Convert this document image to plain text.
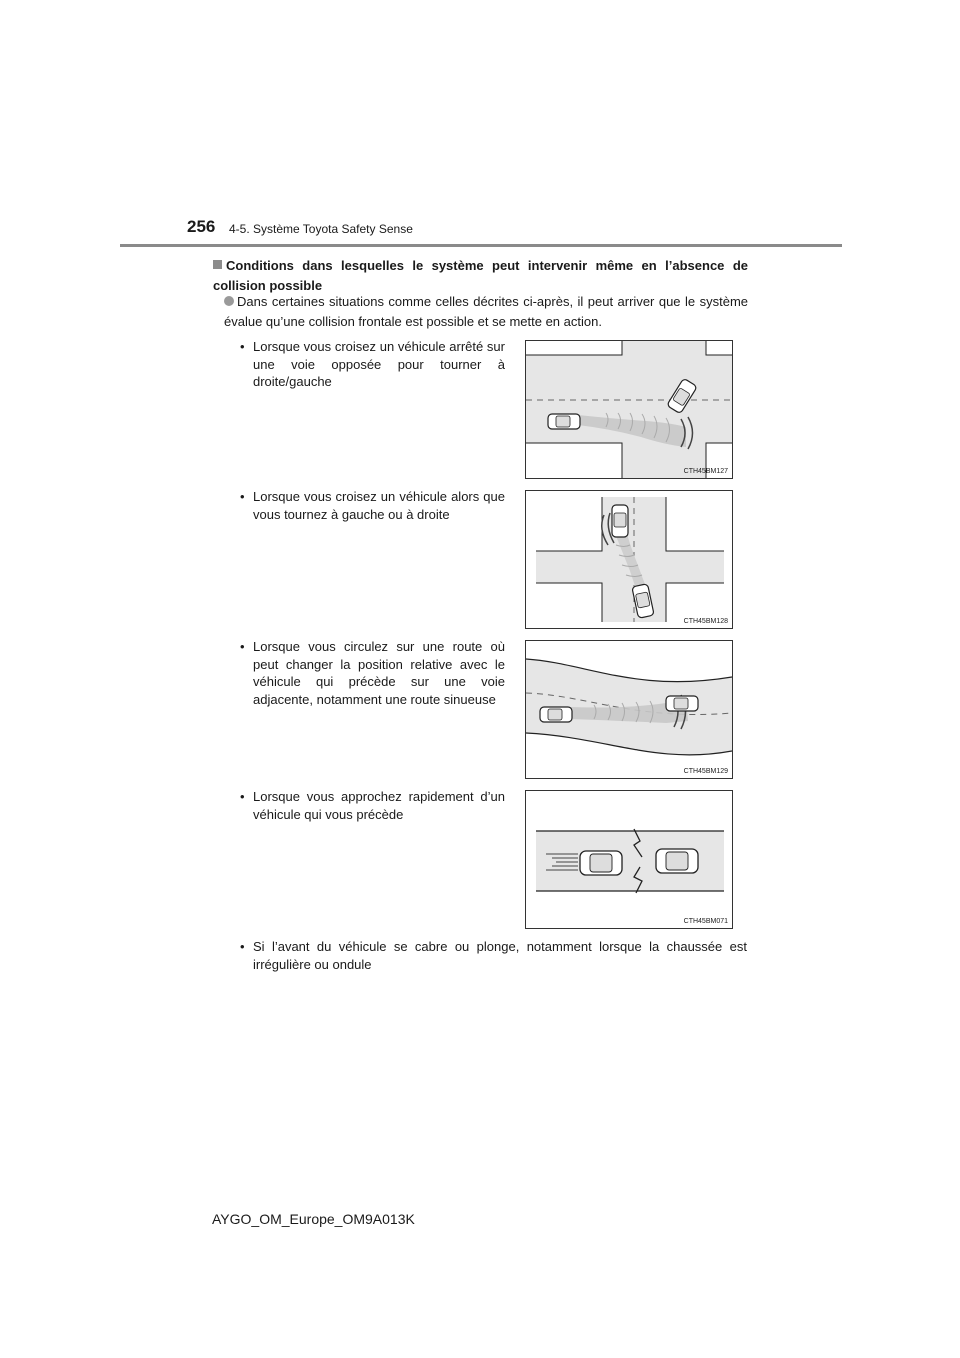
256 4-5. Système Toyota Safety Sense
Conditions dans lesquelles le système peut intervenir même en l’absence de collision possible
Dans certaines situations comme celles décrites ci-après, il peut arriver que le système évalue qu’une collision frontale est possible et se mette en action.
• Lorsque vous croisez un véhicule arrêté sur une voie opposée pour tourner à droite/gauche
CTH45BM127
• Lorsque vous croisez un véhicule alors que vous tournez à gauche ou à droite
CTH45BM128
• Lorsque vous circulez sur une route où peut changer la position relative avec le véhicule qui précède sur une voie adjacente, notamment une route sinueuse
CTH45BM129
• Lorsque vous approchez rapidement d’un véhicule qui vous précède
CTH45BM071
• Si l’avant du véhicule se cabre ou plonge, notamment lorsque la chaussée est irrégulière ou ondule
AYGO_OM_Europe_OM9A013K
